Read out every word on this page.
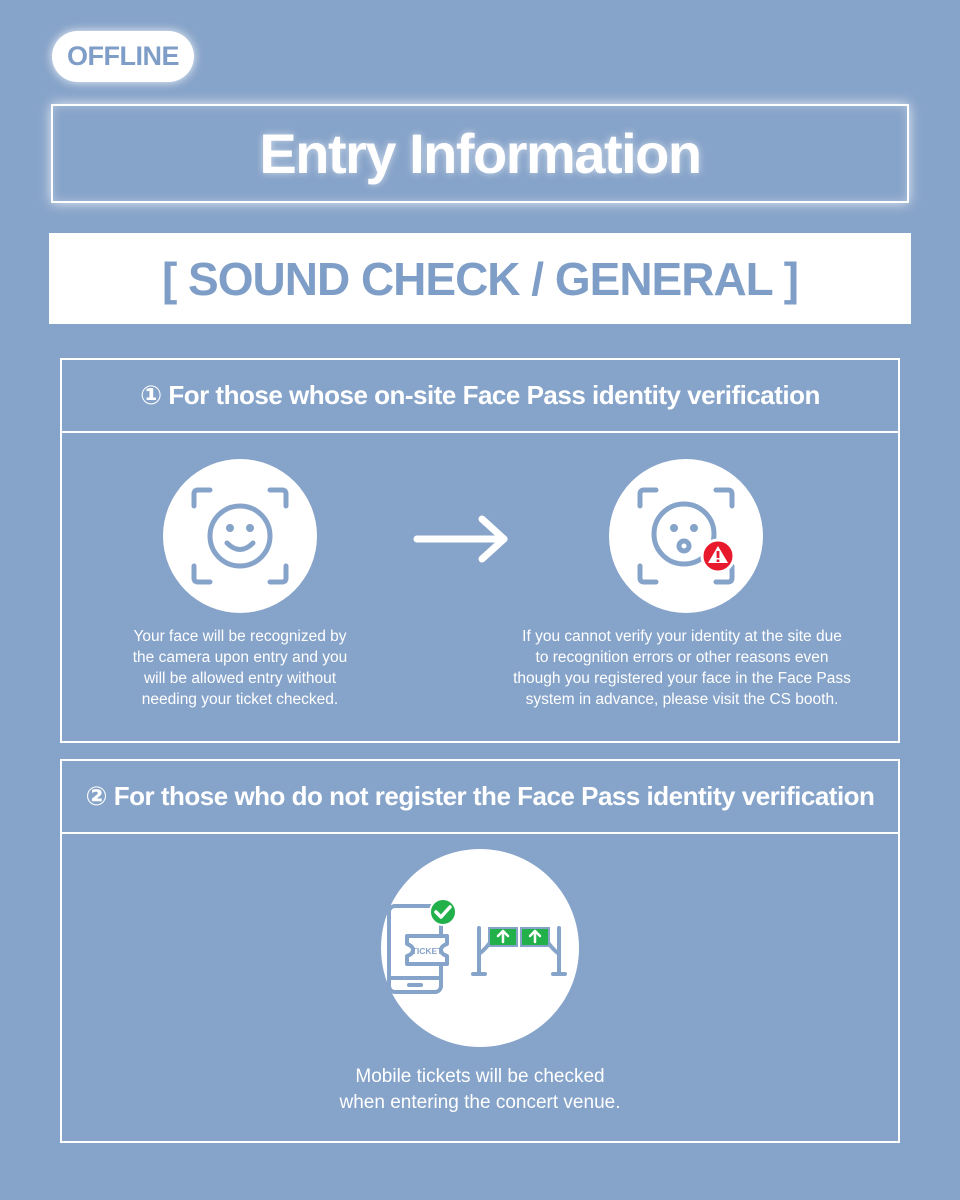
OFFLINE
Entry Information
[ SOUND CHECK / GENERAL ]
① For those whose on-site Face Pass identity verification
Your face will be recognized by
the camera upon entry and you
will be allowed entry without
needing your ticket checked.
If you cannot verify your identity at the site due
to recognition errors or other reasons even
though you registered your face in the Face Pass
system in advance, please visit the CS booth.
② For those who do not register the Face Pass identity verification
TICKET
Mobile tickets will be checked
when entering the concert venue.
